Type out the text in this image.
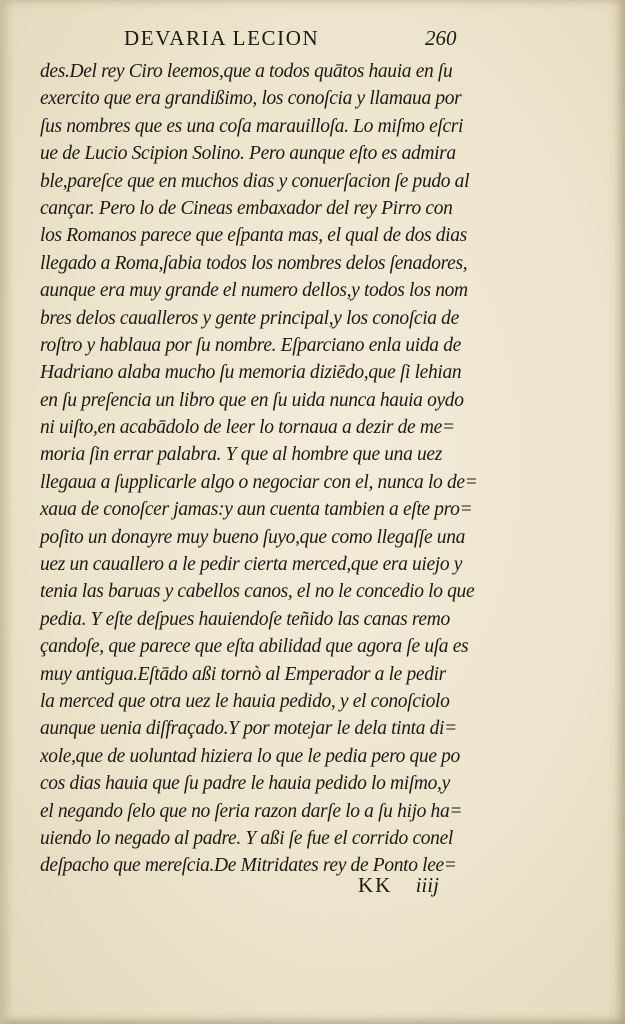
DEVARIA LECION	260
des.Del rey Ciro leemos,que a todos quātos hauia en ſu
exercito que era grandißimo, los conoſcia y llamaua por
ſus nombres que es una coſa marauilloſa. Lo miſmo eſcri
ue de Lucio Scipion Solino. Pero aunque eſto es admira
ble,pareſce que en muchos dias y conuerſacion ſe pudo al
cançar. Pero lo de Cineas embaxador del rey Pirro con
los Romanos parece que eſpanta mas, el qual de dos dias
llegado a Roma,ſabia todos los nombres delos ſenadores,
aunque era muy grande el numero dellos,y todos los nom
bres delos caualleros y gente principal,y los conoſcia de
roſtro y hablaua por ſu nombre. Eſparciano enla uida de
Hadriano alaba mucho ſu memoria diziēdo,que ſi lehian
en ſu preſencia un libro que en ſu uida nunca hauia oydo
ni uiſto,en acabādolo de leer lo tornaua a dezir de me=
moria ſin errar palabra. Y que al hombre que una uez
llegaua a ſupplicarle algo o negociar con el, nunca lo de=
xaua de conoſcer jamas:y aun cuenta tambien a eſte pro=
poſito un donayre muy bueno ſuyo,que como llegaſſe una
uez un cauallero a le pedir cierta merced,que era uiejo y
tenia las baruas y cabellos canos, el no le concedio lo que
pedia. Y eſte deſpues hauiendoſe teñido las canas remo
çandoſe, que parece que eſta abilidad que agora ſe uſa es
muy antigua.Eſtādo aßi tornò al Emperador a le pedir
la merced que otra uez le hauia pedido, y el conoſciolo
aunque uenia diſfraçado.Y por motejar le dela tinta di=
xole,que de uoluntad hiziera lo que le pedia pero que po
cos dias hauia que ſu padre le hauia pedido lo miſmo,y
el negando ſelo que no ſeria razon darſe lo a ſu hijo ha=
uiendo lo negado al padre. Y aßi ſe fue el corrido conel
deſpacho que mereſcia.De Mitridates rey de Ponto lee=
KK iiij
